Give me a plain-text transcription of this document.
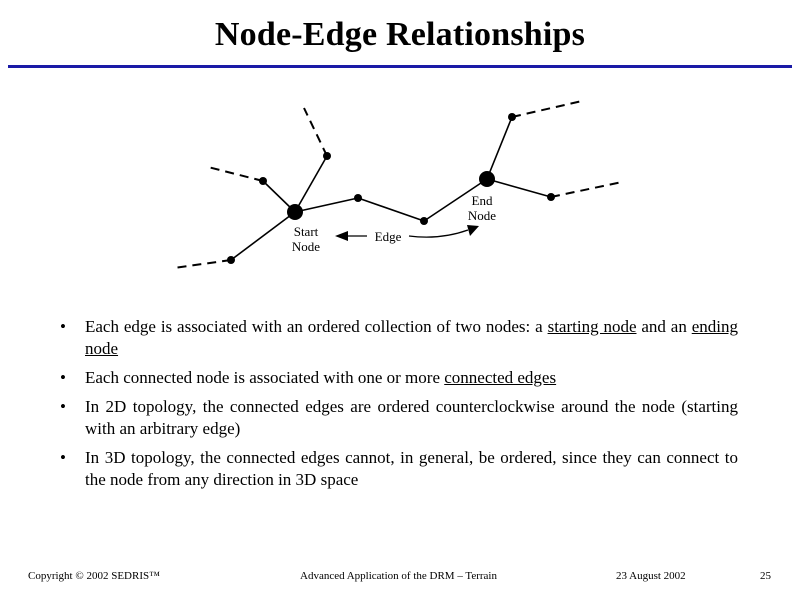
Node-Edge Relationships
Start
Node
End
Node
Edge
• Each edge is associated with an ordered collection of two nodes: a starting node and an ending node
• Each connected node is associated with one or more connected edges
• In 2D topology, the connected edges are ordered counterclockwise around the node (starting with an arbitrary edge)
• In 3D topology, the connected edges cannot, in general, be ordered, since they can connect to the node from any direction in 3D space
Copyright © 2002 SEDRIS™	Advanced Application of the DRM – Terrain	23 August 2002	25
